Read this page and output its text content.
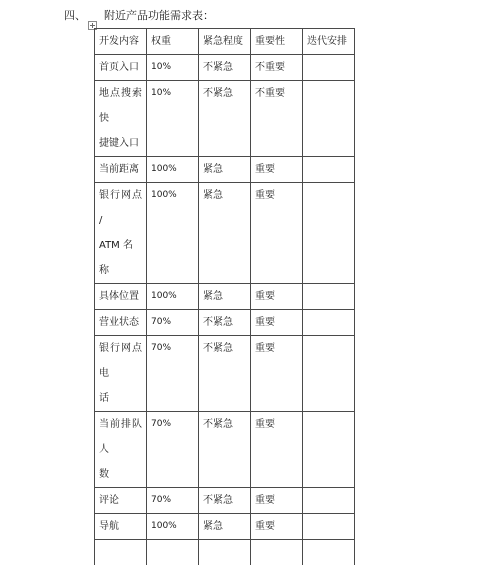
四、 附近产品功能需求表：
开发内容	权重	紧急程度	重要性	迭代安排

首页入口	10%	不紧急	不重要	

地点搜索快
捷键入口	10%	不紧急	不重要	

当前距离	100%	紧急	重要	

银行网点 /
ATM 名称	100%	紧急	重要	

具体位置	100%	紧急	重要	

营业状态	70%	不紧急	重要	

银行网点电
话	70%	不紧急	重要	

当前排队人
数	70%	不紧急	重要	

评论	70%	不紧急	重要	

导航	100%	紧急	重要	
